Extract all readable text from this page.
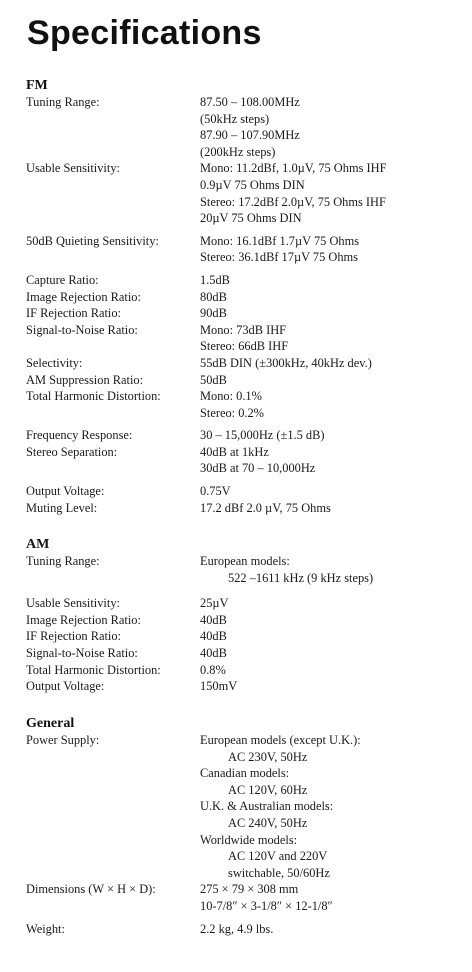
Specifications
FM
Tuning Range:	87.50 – 108.00MHz
(50kHz steps)
87.90 – 107.90MHz
(200kHz steps)
Usable Sensitivity:	Mono: 11.2dBf, 1.0µV, 75 Ohms IHF
0.9µV 75 Ohms DIN
Stereo: 17.2dBf 2.0µV, 75 Ohms IHF
20µV 75 Ohms DIN
50dB Quieting Sensitivity:	Mono: 16.1dBf 1.7µV 75 Ohms
Stereo: 36.1dBf 17µV 75 Ohms
Capture Ratio:	1.5dB
Image Rejection Ratio:	80dB
IF Rejection Ratio:	90dB
Signal-to-Noise Ratio:	Mono: 73dB IHF
Stereo: 66dB IHF
Selectivity:	55dB DIN (±300kHz, 40kHz dev.)
AM Suppression Ratio:	50dB
Total Harmonic Distortion:	Mono: 0.1%
Stereo: 0.2%
Frequency Response:	30 – 15,000Hz (±1.5 dB)
Stereo Separation:	40dB at 1kHz
30dB at 70 – 10,000Hz
Output Voltage:	0.75V
Muting Level:	17.2 dBf 2.0 µV, 75 Ohms
AM
Tuning Range:	European models:
522 –1611 kHz (9 kHz steps)
Usable Sensitivity:	25µV
Image Rejection Ratio:	40dB
IF Rejection Ratio:	40dB
Signal-to-Noise Ratio:	40dB
Total Harmonic Distortion:	0.8%
Output Voltage:	150mV
General
Power Supply:	European models (except U.K.):
AC 230V, 50Hz
Canadian models:
AC 120V, 60Hz
U.K. & Australian models:
AC 240V, 50Hz
Worldwide models:
AC 120V and 220V
switchable, 50/60Hz
Dimensions (W × H × D):	275 × 79 × 308 mm
10-7/8″ × 3-1/8″ × 12-1/8″
Weight:	2.2 kg, 4.9 lbs.
